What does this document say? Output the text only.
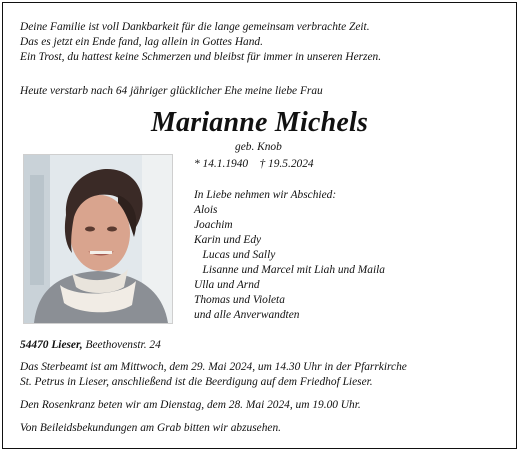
Deine Familie ist voll Dankbarkeit für die lange gemeinsam verbrachte Zeit.
Das es jetzt ein Ende fand, lag allein in Gottes Hand.
Ein Trost, du hattest keine Schmerzen und bleibst für immer in unseren Herzen.
Heute verstarb nach 64 jähriger glücklicher Ehe meine liebe Frau
Marianne Michels
geb. Knob
* 14.1.1940    † 19.5.2024
In Liebe nehmen wir Abschied:
Alois
Joachim
Karin und Edy
Lucas und Sally
Lisanne und Marcel mit Liah und Maila
Ulla und Arnd
Thomas und Violeta
und alle Anverwandten
54470 Lieser, Beethovenstr. 24
Das Sterbeamt ist am Mittwoch, dem 29. Mai 2024, um 14.30 Uhr in der Pfarrkirche
St. Petrus in Lieser, anschließend ist die Beerdigung auf dem Friedhof Lieser.
Den Rosenkranz beten wir am Dienstag, dem 28. Mai 2024, um 19.00 Uhr.
Von Beileidsbekundungen am Grab bitten wir abzusehen.
